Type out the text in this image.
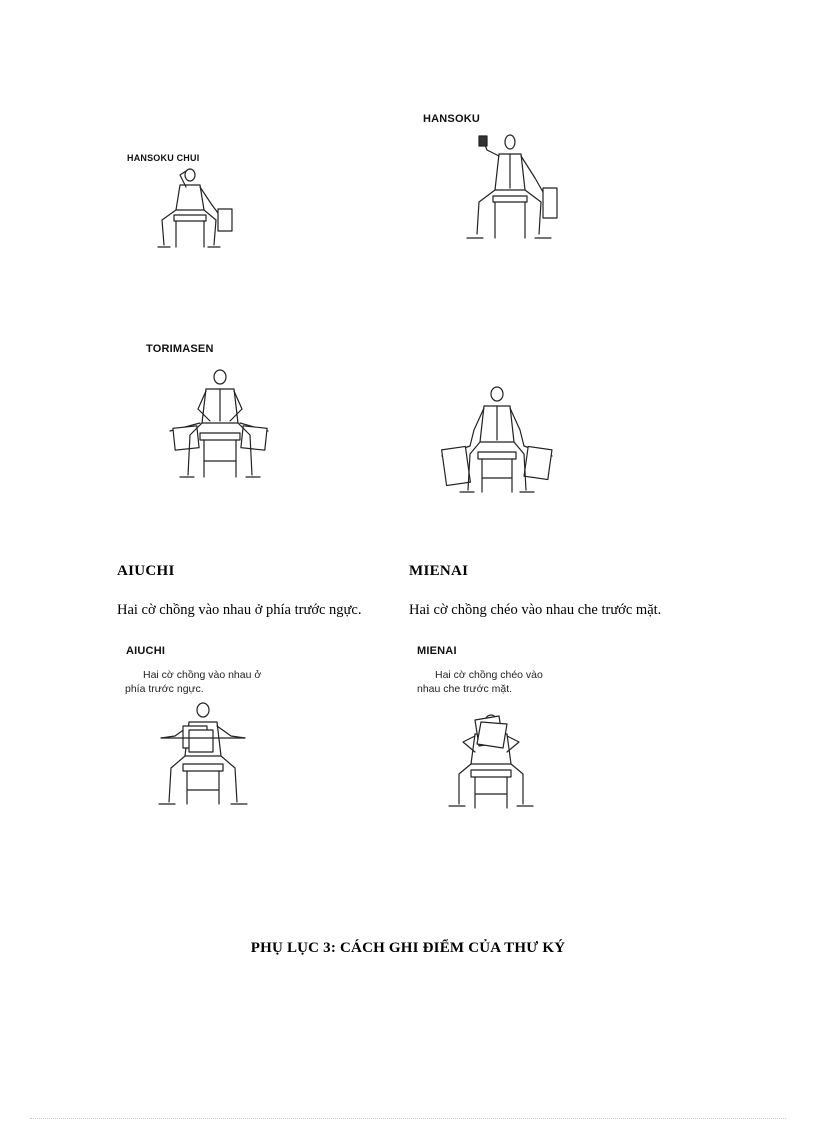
HANSOKU CHUI
HANSOKU
TORIMASEN
AIUCHI	MIENAI
Hai cờ chồng vào nhau ở phía trước ngực.	Hai cờ chồng chéo vào nhau che trước mặt.
AIUCHI
Hai cờ chồng vào nhau ở
phía trước ngực.
MIENAI
Hai cờ chồng chéo vào
nhau che trước mặt.
PHỤ LỤC 3: CÁCH GHI ĐIỂM CỦA THƯ KÝ
